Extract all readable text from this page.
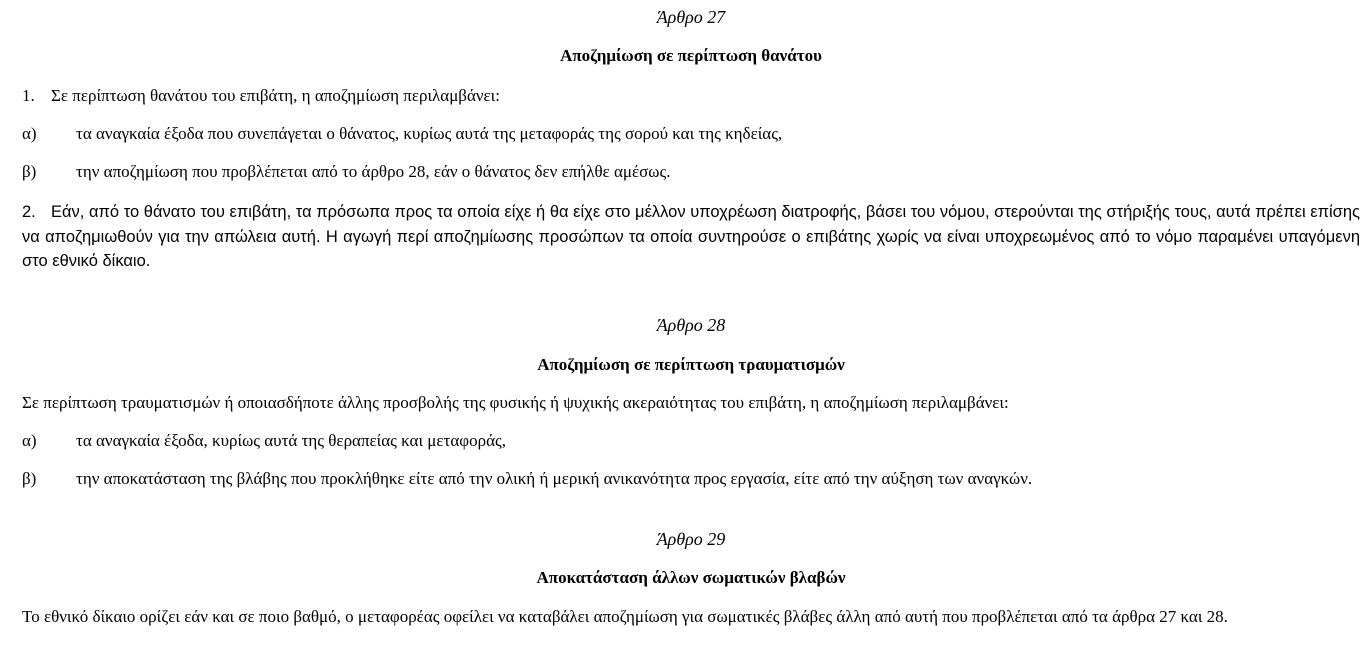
Άρθρο 27
Αποζημίωση σε περίπτωση θανάτου
1. Σε περίπτωση θανάτου του επιβάτη, η αποζημίωση περιλαμβάνει:
α) τα αναγκαία έξοδα που συνεπάγεται ο θάνατος, κυρίως αυτά της μεταφοράς της σορού και της κηδείας,
β) την αποζημίωση που προβλέπεται από το άρθρο 28, εάν ο θάνατος δεν επήλθε αμέσως.
2. Εάν, από το θάνατο του επιβάτη, τα πρόσωπα προς τα οποία είχε ή θα είχε στο μέλλον υποχρέωση διατροφής, βάσει του νόμου, στερούνται της στήριξής τους, αυτά πρέπει επίσης να αποζημιωθούν για την απώλεια αυτή. Η αγωγή περί αποζημίωσης προσώπων τα οποία συντηρούσε ο επιβάτης χωρίς να είναι υποχρεωμένος από το νόμο παραμένει υπαγόμενη στο εθνικό δίκαιο.
Άρθρο 28
Αποζημίωση σε περίπτωση τραυματισμών
Σε περίπτωση τραυματισμών ή οποιασδήποτε άλλης προσβολής της φυσικής ή ψυχικής ακεραιότητας του επιβάτη, η αποζημίωση περιλαμβάνει:
α) τα αναγκαία έξοδα, κυρίως αυτά της θεραπείας και μεταφοράς,
β) την αποκατάσταση της βλάβης που προκλήθηκε είτε από την ολική ή μερική ανικανότητα προς εργασία, είτε από την αύξηση των αναγκών.
Άρθρο 29
Αποκατάσταση άλλων σωματικών βλαβών
Το εθνικό δίκαιο ορίζει εάν και σε ποιο βαθμό, ο μεταφορέας οφείλει να καταβάλει αποζημίωση για σωματικές βλάβες άλλη από αυτή που προβλέπεται από τα άρθρα 27 και 28.
